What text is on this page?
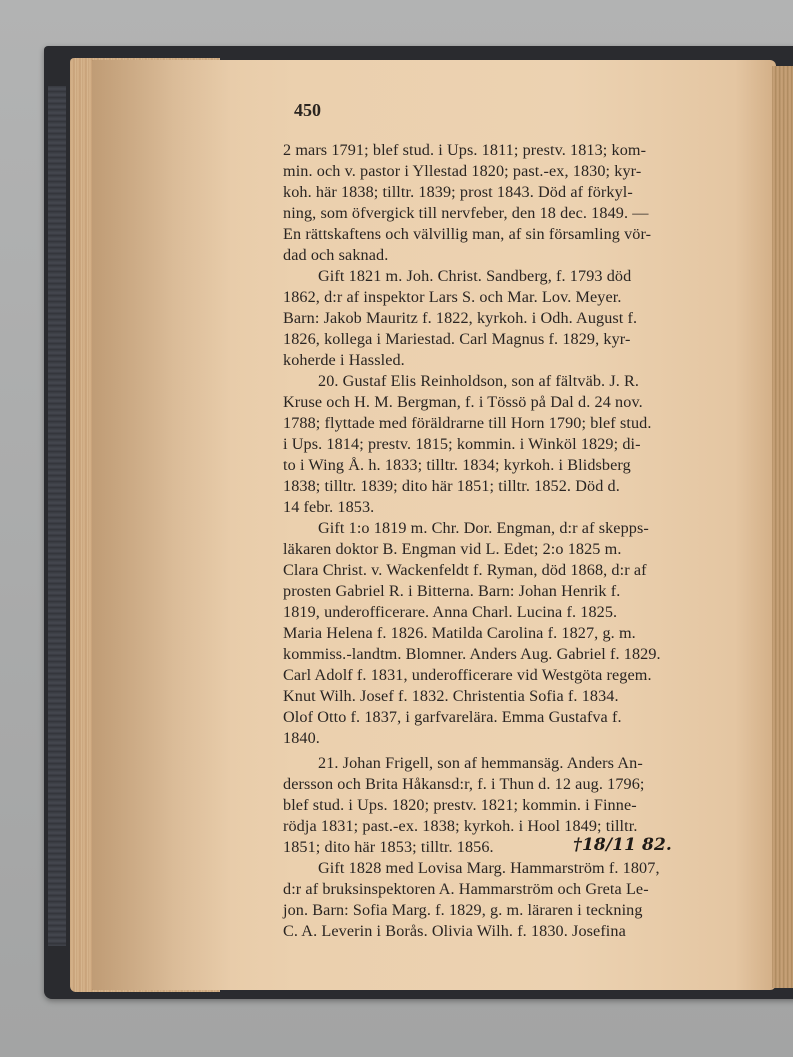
450
2 mars 1791; blef stud. i Ups. 1811; prestv. 1813; kom-
min. och v. pastor i Yllestad 1820; past.-ex, 1830; kyr-
koh. här 1838; tilltr. 1839; prost 1843. Död af förkyl-
ning, som öfvergick till nervfeber, den 18 dec. 1849. —
En rättskaftens och välvillig man, af sin församling vör-
dad och saknad.
Gift 1821 m. Joh. Christ. Sandberg, f. 1793 död
1862, d:r af inspektor Lars S. och Mar. Lov. Meyer.
Barn: Jakob Mauritz f. 1822, kyrkoh. i Odh. August f.
1826, kollega i Mariestad. Carl Magnus f. 1829, kyr-
koherde i Hassled.
20. Gustaf Elis Reinholdson, son af fältväb. J. R.
Kruse och H. M. Bergman, f. i Tössö på Dal d. 24 nov.
1788; flyttade med föräldrarne till Horn 1790; blef stud.
i Ups. 1814; prestv. 1815; kommin. i Winköl 1829; di-
to i Wing Å. h. 1833; tilltr. 1834; kyrkoh. i Blidsberg
1838; tilltr. 1839; dito här 1851; tilltr. 1852. Död d.
14 febr. 1853.
Gift 1:o 1819 m. Chr. Dor. Engman, d:r af skepps-
läkaren doktor B. Engman vid L. Edet; 2:o 1825 m.
Clara Christ. v. Wackenfeldt f. Ryman, död 1868, d:r af
prosten Gabriel R. i Bitterna. Barn: Johan Henrik f.
1819, underofficerare. Anna Charl. Lucina f. 1825.
Maria Helena f. 1826. Matilda Carolina f. 1827, g. m.
kommiss.-landtm. Blomner. Anders Aug. Gabriel f. 1829.
Carl Adolf f. 1831, underofficerare vid Westgöta regem.
Knut Wilh. Josef f. 1832. Christentia Sofia f. 1834.
Olof Otto f. 1837, i garfvarelära. Emma Gustafva f.
1840.
21. Johan Frigell, son af hemmansäg. Anders An-
dersson och Brita Håkansd:r, f. i Thun d. 12 aug. 1796;
blef stud. i Ups. 1820; prestv. 1821; kommin. i Finne-
rödja 1831; past.-ex. 1838; kyrkoh. i Hool 1849; tilltr.
1851; dito här 1853; tilltr. 1856.	†18/11 82.
Gift 1828 med Lovisa Marg. Hammarström f. 1807,
d:r af bruksinspektoren A. Hammarström och Greta Le-
jon. Barn: Sofia Marg. f. 1829, g. m. läraren i teckning
C. A. Leverin i Borås. Olivia Wilh. f. 1830. Josefina
